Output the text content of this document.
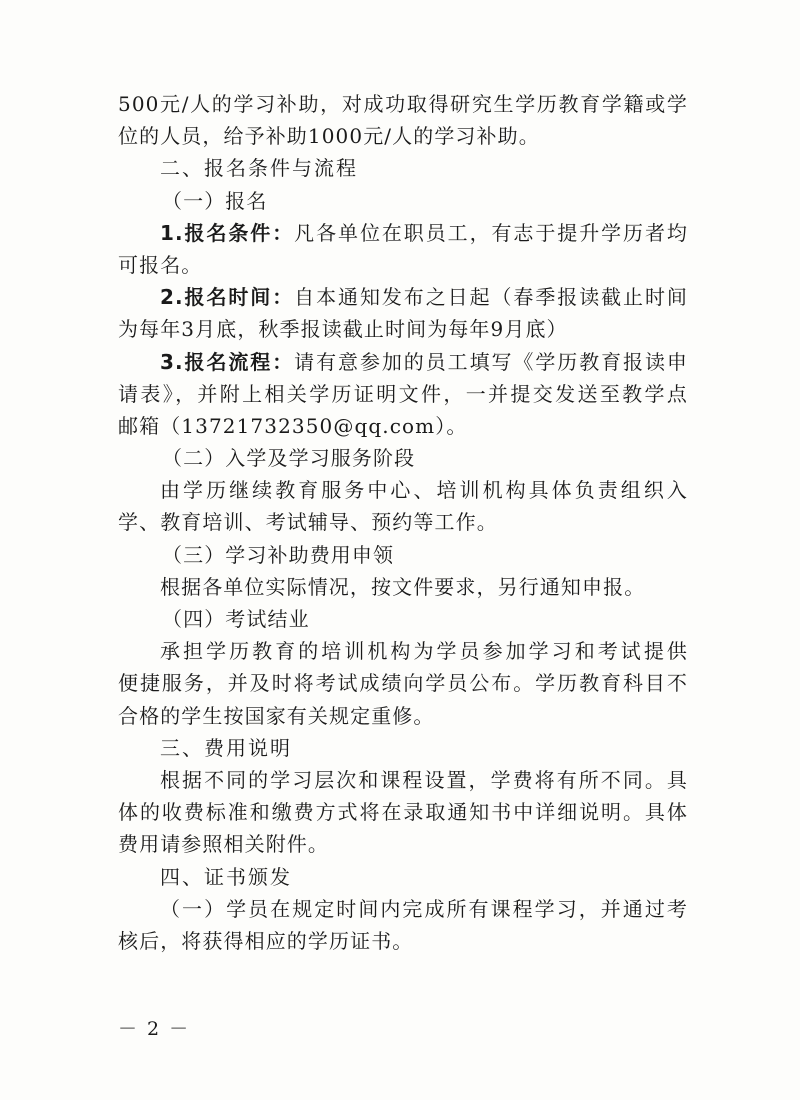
500元/人的学习补助，对成功取得研究生学历教育学籍或学
位的人员，给予补助1000元/人的学习补助。
二、报名条件与流程
（一）报名
1.报名条件：凡各单位在职员工，有志于提升学历者均
可报名。
2.报名时间：自本通知发布之日起（春季报读截止时间
为每年3月底，秋季报读截止时间为每年9月底）
3.报名流程：请有意参加的员工填写《学历教育报读申
请表》，并附上相关学历证明文件，一并提交发送至教学点
邮箱（13721732350@qq.com）。
（二）入学及学习服务阶段
由学历继续教育服务中心、培训机构具体负责组织入
学、教育培训、考试辅导、预约等工作。
（三）学习补助费用申领
根据各单位实际情况，按文件要求，另行通知申报。
（四）考试结业
承担学历教育的培训机构为学员参加学习和考试提供
便捷服务，并及时将考试成绩向学员公布。学历教育科目不
合格的学生按国家有关规定重修。
三、费用说明
根据不同的学习层次和课程设置，学费将有所不同。具
体的收费标准和缴费方式将在录取通知书中详细说明。具体
费用请参照相关附件。
四、证书颁发
（一）学员在规定时间内完成所有课程学习，并通过考
核后，将获得相应的学历证书。
－ 2 －
